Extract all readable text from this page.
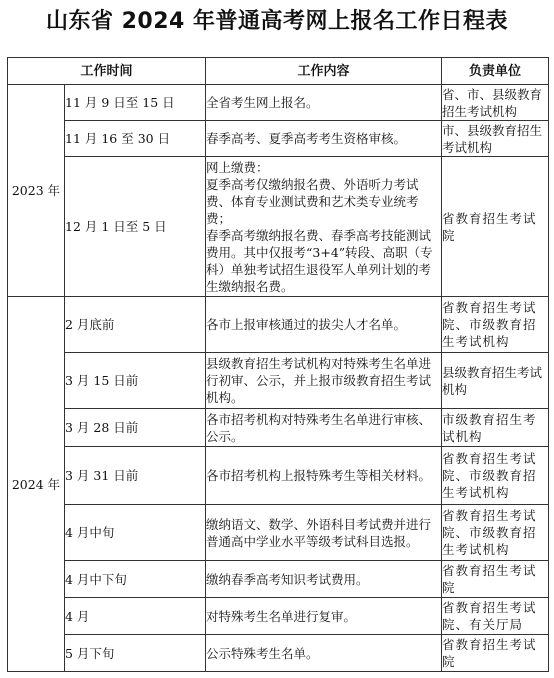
山东省 2024 年普通高考网上报名工作日程表
工作时间		工作内容	负责单位
2023 年	11 月 9 日至 15 日	全省考生网上报名。	省、市、县级教育招生考试机构
	11 月 16 至 30 日	春季高考、夏季高考考生资格审核。	市、县级教育招生考试机构
	12 月 1 日至 5 日	网上缴费：
夏季高考仅缴纳报名费、外语听力考试费、体育专业测试费和艺术类专业统考费；
春季高考缴纳报名费、春季高考技能测试费用。其中仅报考“3+4”转段、高职（专科）单独考试招生退役军人单列计划的考生缴纳报名费。	省教育招生考试院
2024 年	2 月底前	各市上报审核通过的拔尖人才名单。	省教育招生考试院、市级教育招生考试机构
	3 月 15 日前	县级教育招生考试机构对特殊考生名单进行初审、公示，并上报市级教育招生考试机构。	县级教育招生考试机构
	3 月 28 日前	各市招考机构对特殊考生名单进行审核、公示。	市级教育招生考试机构
	3 月 31 日前	各市招考机构上报特殊考生等相关材料。	省教育招生考试院、市级教育招生考试机构
	4 月中旬	缴纳语文、数学、外语科目考试费并进行普通高中学业水平等级考试科目选报。	省教育招生考试院、市级教育招生考试机构
	4 月中下旬	缴纳春季高考知识考试费用。	省教育招生考试院
	4 月	对特殊考生名单进行复审。	省教育招生考试院、有关厅局
	5 月下旬	公示特殊考生名单。	省教育招生考试院
